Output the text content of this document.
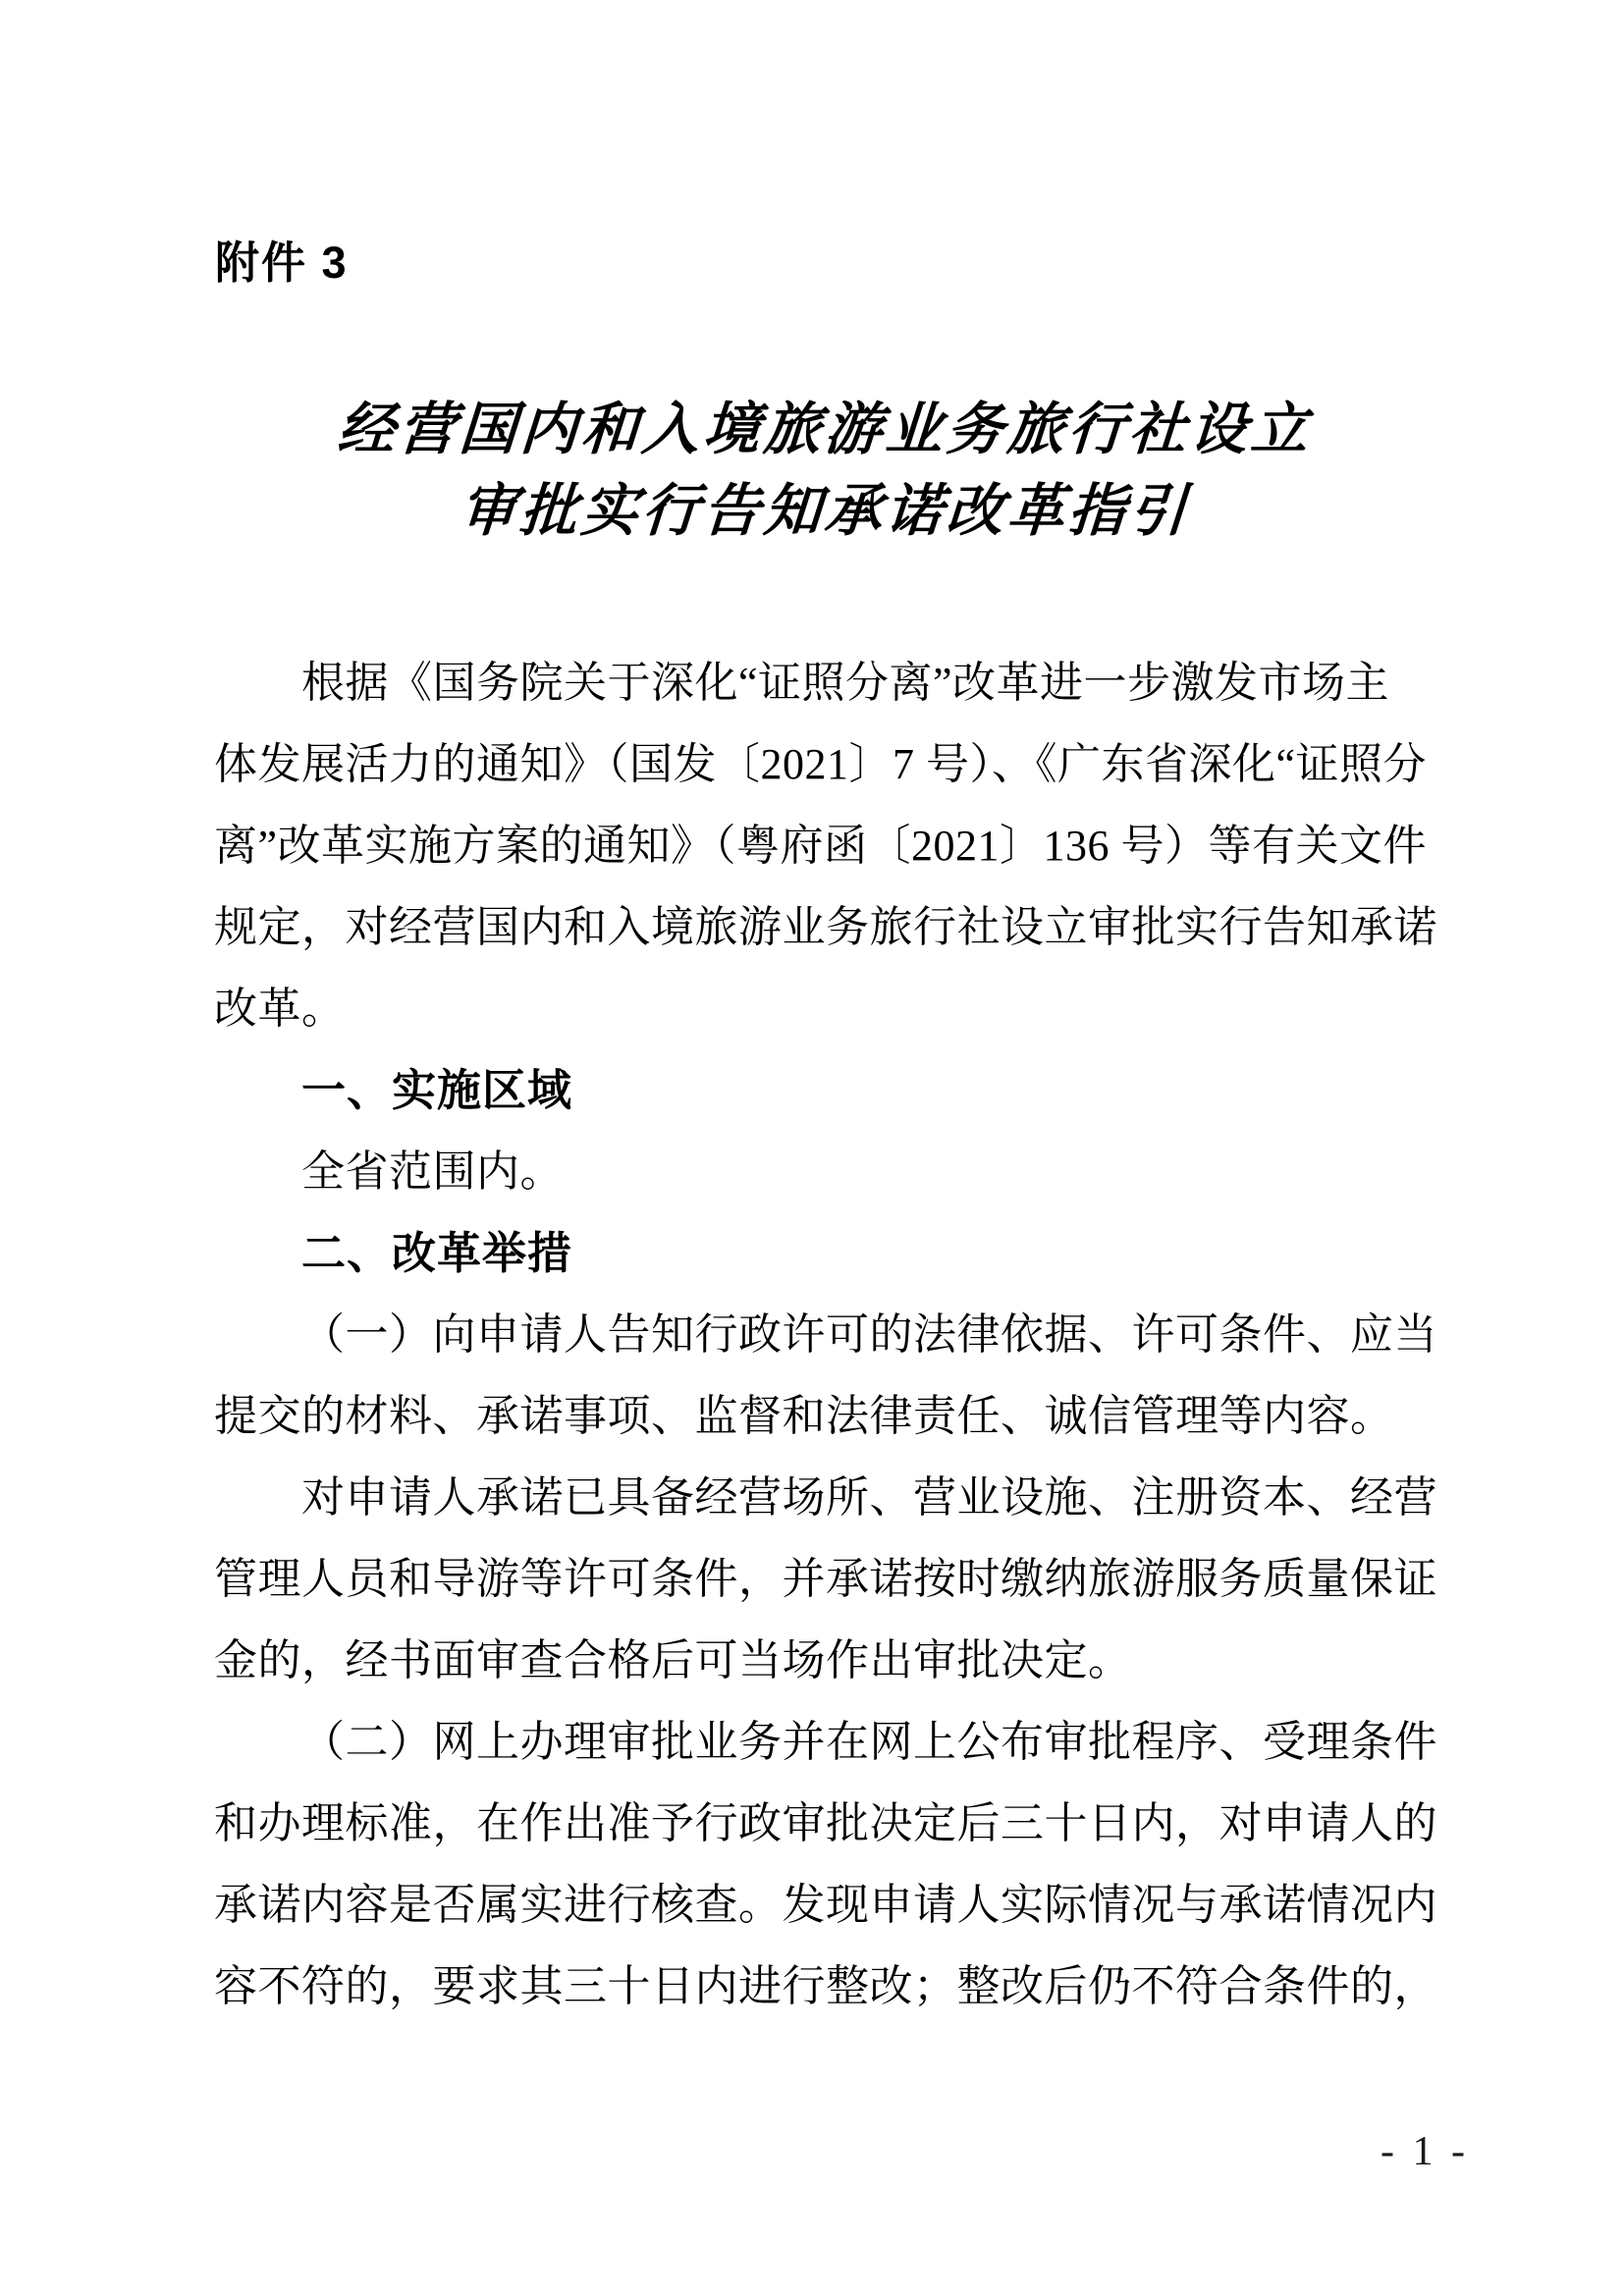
附件 3
经营国内和入境旅游业务旅行社设立
审批实行告知承诺改革指引
根据《国务院关于深化“证照分离”改革进一步激发市场主
体发展活力的通知》（国发〔2021〕7 号）、《广东省深化“证照分
离”改革实施方案的通知》（粤府函〔2021〕136 号）等有关文件
规定，对经营国内和入境旅游业务旅行社设立审批实行告知承诺
改革。
一、实施区域
全省范围内。
二、改革举措
（一）向申请人告知行政许可的法律依据、许可条件、应当
提交的材料、承诺事项、监督和法律责任、诚信管理等内容。
对申请人承诺已具备经营场所、营业设施、注册资本、经营
管理人员和导游等许可条件，并承诺按时缴纳旅游服务质量保证
金的，经书面审查合格后可当场作出审批决定。
（二）网上办理审批业务并在网上公布审批程序、受理条件
和办理标准，在作出准予行政审批决定后三十日内，对申请人的
承诺内容是否属实进行核查。发现申请人实际情况与承诺情况内
容不符的，要求其三十日内进行整改；整改后仍不符合条件的，
- 1 -
